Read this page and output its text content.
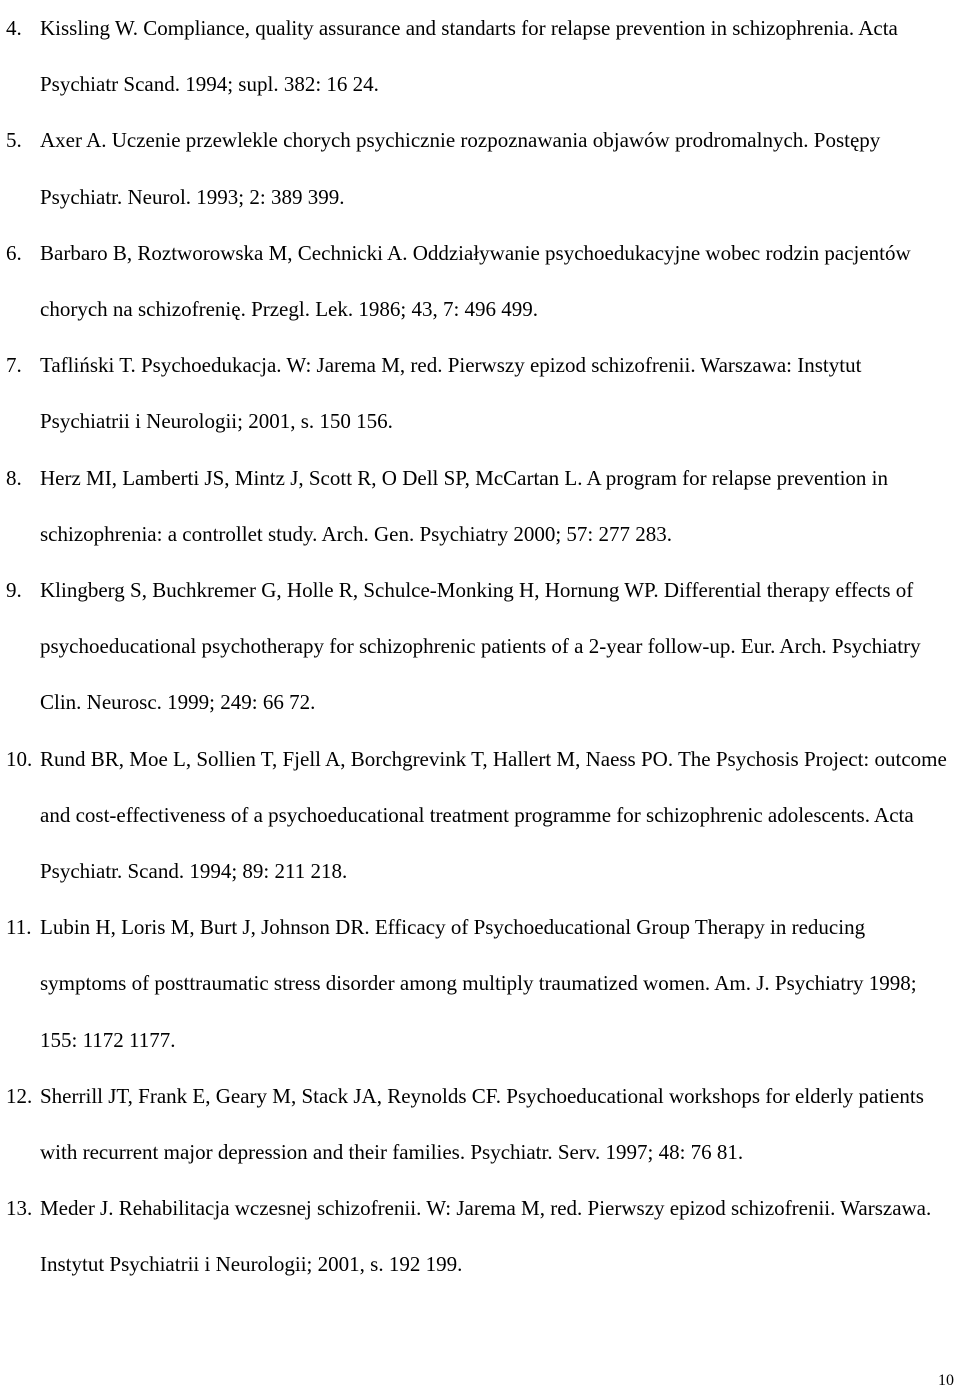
4. Kissling W. Compliance, quality assurance and standarts for relapse prevention in schizophrenia. Acta Psychiatr Scand. 1994; supl. 382: 16 24.
5. Axer A. Uczenie przewlekle chorych psychicznie rozpoznawania objawów prodromalnych. Postępy Psychiatr. Neurol. 1993; 2: 389 399.
6. Barbaro B, Roztworowska M, Cechnicki A. Oddziaływanie psychoedukacyjne wobec rodzin pacjentów chorych na schizofrenię. Przegl. Lek. 1986; 43, 7: 496 499.
7. Tafliński T. Psychoedukacja. W: Jarema M, red. Pierwszy epizod schizofrenii. Warszawa: Instytut Psychiatrii i Neurologii; 2001, s. 150 156.
8. Herz MI, Lamberti JS, Mintz J, Scott R, O Dell SP, McCartan L. A program for relapse prevention in schizophrenia: a controllet study. Arch. Gen. Psychiatry 2000; 57: 277 283.
9. Klingberg S, Buchkremer G, Holle R, Schulce-Monking H, Hornung WP. Differential therapy effects of psychoeducational psychotherapy for schizophrenic patients of a 2-year follow-up. Eur. Arch. Psychiatry Clin. Neurosc. 1999; 249: 66 72.
10. Rund BR, Moe L, Sollien T, Fjell A, Borchgrevink T, Hallert M, Naess PO. The Psychosis Project: outcome and cost-effectiveness of a psychoeducational treatment programme for schizophrenic adolescents. Acta Psychiatr. Scand. 1994; 89: 211 218.
11. Lubin H, Loris M, Burt J, Johnson DR. Efficacy of Psychoeducational Group Therapy in reducing symptoms of posttraumatic stress disorder among multiply traumatized women. Am. J. Psychiatry 1998; 155: 1172 1177.
12. Sherrill JT, Frank E, Geary M, Stack JA, Reynolds CF. Psychoeducational workshops for elderly patients with recurrent major depression and their families. Psychiatr. Serv. 1997; 48: 76 81.
13. Meder J. Rehabilitacja wczesnej schizofrenii. W: Jarema M, red. Pierwszy epizod schizofrenii. Warszawa. Instytut Psychiatrii i Neurologii; 2001, s. 192 199.
10
